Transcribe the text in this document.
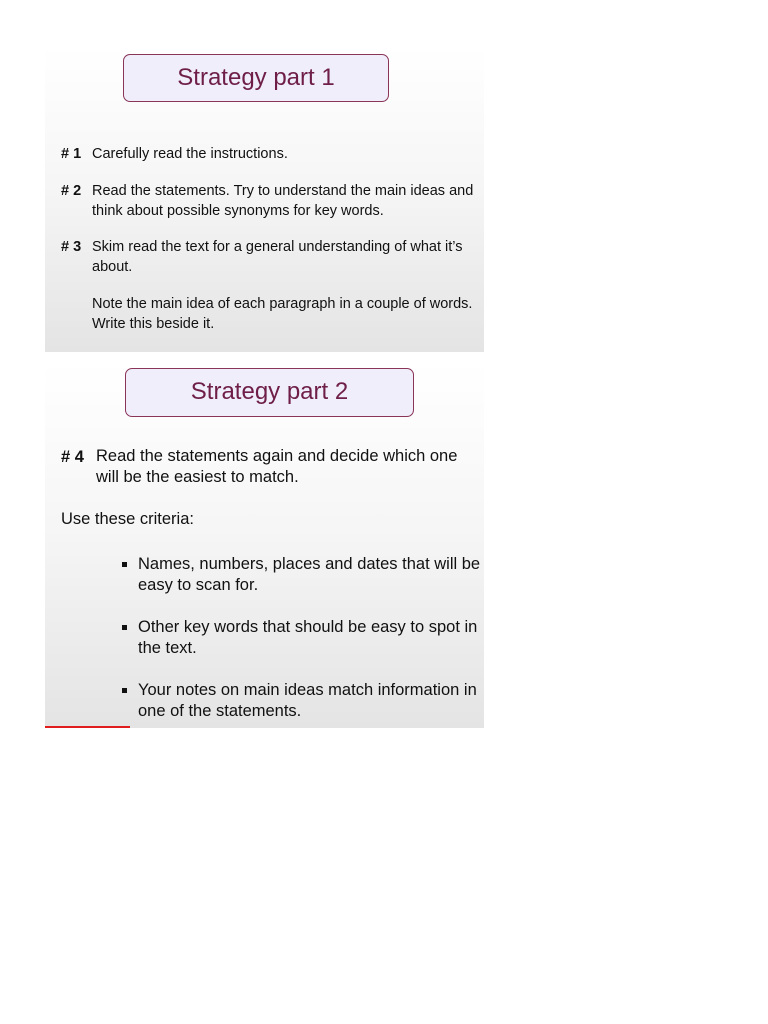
Strategy part 1
# 1 Carefully read the instructions.
# 2 Read the statements. Try to understand the main ideas and think about possible synonyms for key words.
# 3 Skim read the text for a general understanding of what it’s about.
Note the main idea of each paragraph in a couple of words. Write this beside it.
Strategy part 2
# 4 Read the statements again and decide which one will be the easiest to match.
Use these criteria:
Names, numbers, places and dates that will be easy to scan for.
Other key words that should be easy to spot in the text.
Your notes on main ideas match information in one of the statements.
